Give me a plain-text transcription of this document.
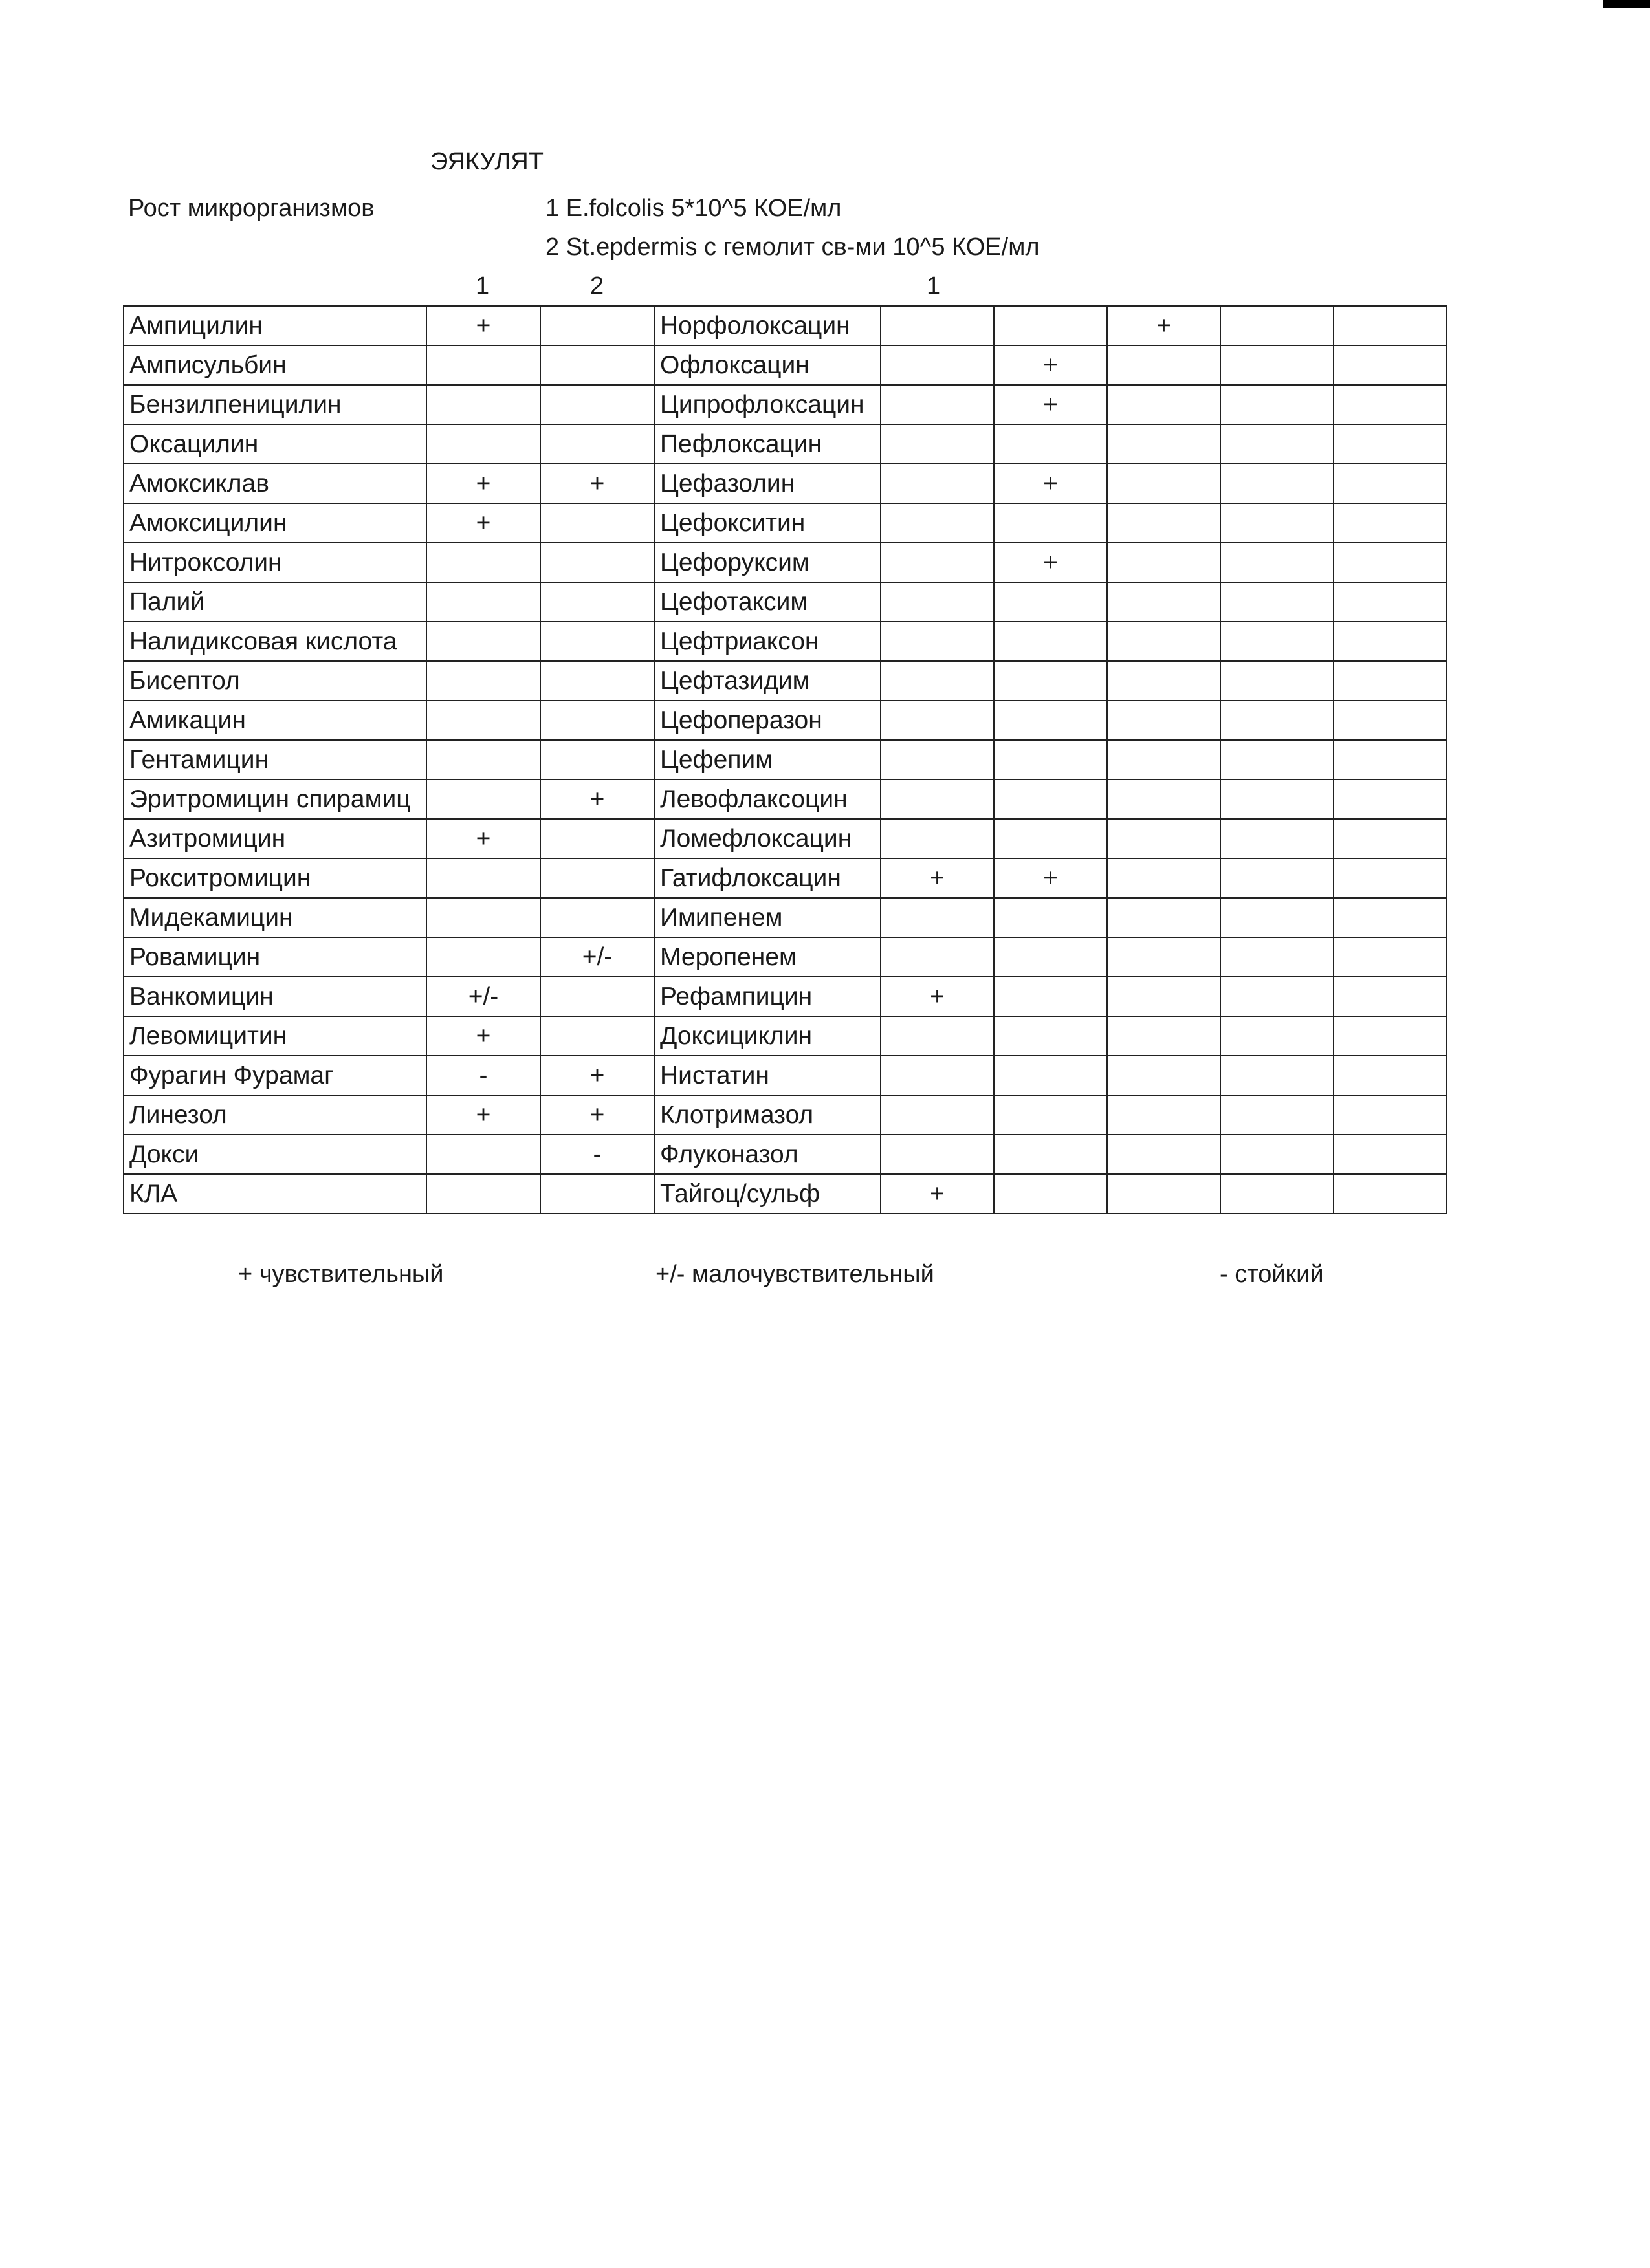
ЭЯКУЛЯТ
Рост микрорганизмов	1 E.folcolis 5*10^5 КОЕ/мл
2 St.epdermis с гемолит св-ми 10^5 КОЕ/мл
1	2	1
Ампицилин	+		Норфолоксацин			+		
Амписульбин			Офлоксацин		+			
Бензилпеницилин			Ципрофлоксацин		+			
Оксацилин			Пефлоксацин					
Амоксиклав	+	+	Цефазолин		+			
Амоксицилин	+		Цефокситин					
Нитроксолин			Цефоруксим		+			
Палий			Цефотаксим					
Налидиксовая кислота			Цефтриаксон					
Бисептол			Цефтазидим					
Амикацин			Цефоперазон					
Гентамицин			Цефепим					
Эритромицин спирамиц		+	Левофлаксоцин					
Азитромицин	+		Ломефлоксацин					
Рокситромицин			Гатифлоксацин	+	+			
Мидекамицин			Имипенем					
Ровамицин		+/-	Меропенем					
Ванкомицин	+/-		Рефампицин	+				
Левомицитин	+		Доксициклин					
Фурагин Фурамаг	-	+	Нистатин					
Линезол	+	+	Клотримазол					
Докси		-	Флуконазол					
КЛА			Тайгоц/сульф	+				
+ чувствительный	+/- малочувствительный	- стойкий
